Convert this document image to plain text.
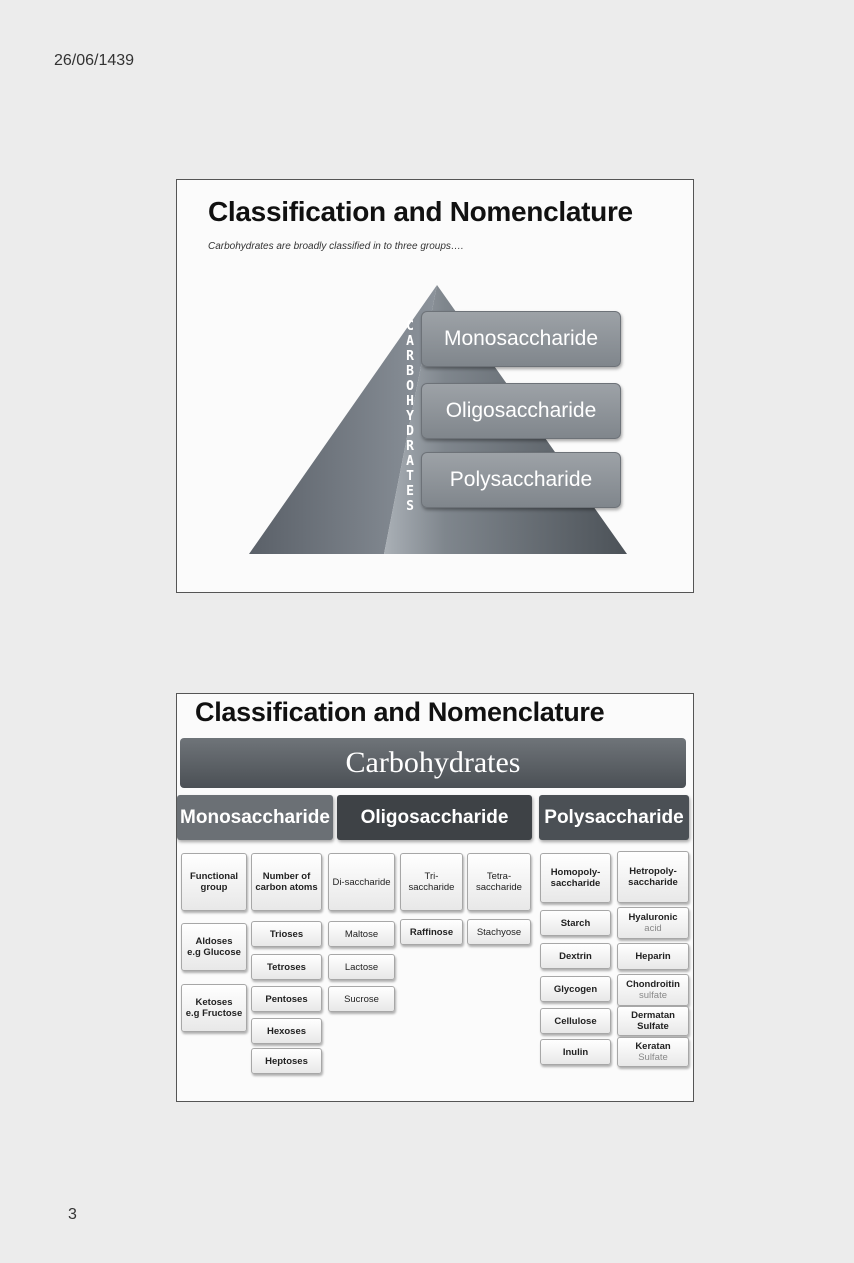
26/06/1439
Classification and Nomenclature
Carbohydrates are broadly classified in to three groups….
C
A
R
B
O
H
Y
D
R
A
T
E
S
Monosaccharide
Oligosaccharide
Polysaccharide
Classification and Nomenclature
Carbohydrates
Monosaccharide	Oligosaccharide	Polysaccharide
Functional group
Aldoses
e.g Glucose
Ketoses
e.g Fructose
Number of carbon atoms
Trioses
Tetroses
Pentoses
Hexoses
Heptoses
Di-saccharide
Maltose
Lactose
Sucrose
Tri-saccharide
Raffinose
Tetra-saccharide
Stachyose
Homopoly-saccharide
Starch
Dextrin
Glycogen
Cellulose
Inulin
Hetropoly-saccharide
Hyaluronic
acid
Heparin
Chondroitin
sulfate
Dermatan
Sulfate
Keratan
Sulfate
3
